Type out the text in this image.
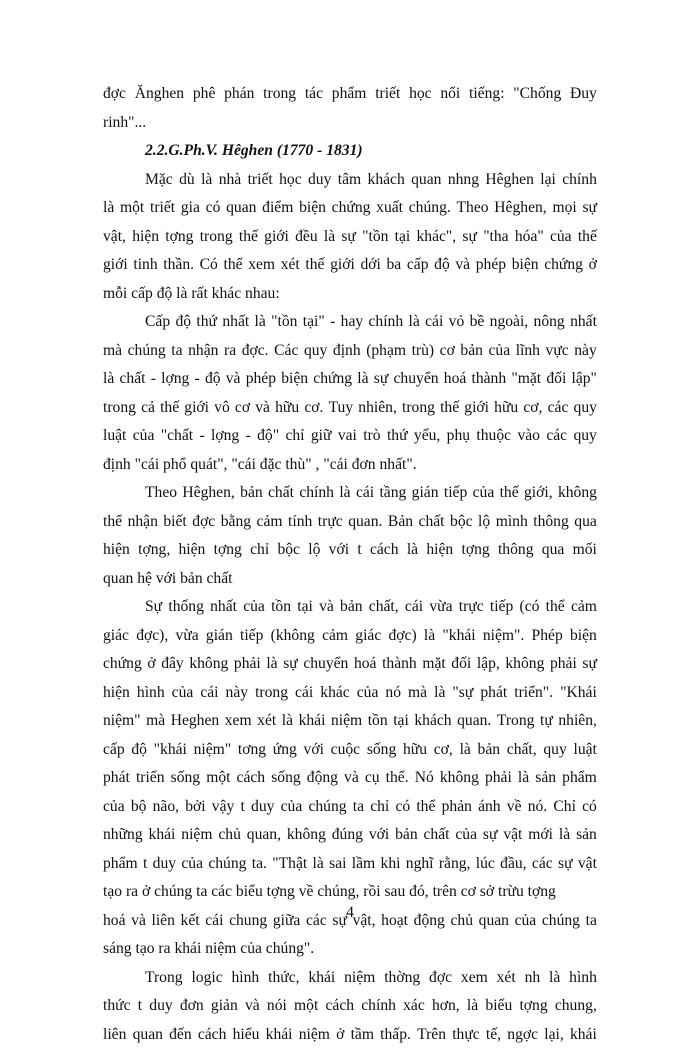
đợc Ănghen phê phán trong tác phẩm triết học nổi tiếng: "Chống Đuy
rinh"...
2.2.G.Ph.V. Hêghen (1770 - 1831)
Mặc dù là nhà triết học duy tâm khách quan nhng Hêghen lại chính
là một triết gia có quan điểm biện chứng xuất chúng. Theo Hêghen, mọi sự
vật, hiện tợng trong thế giới đều là sự "tồn tại khác", sự "tha hóa" của thế
giới tinh thần. Có thể xem xét thế giới dới ba cấp độ và phép biện chứng ở
mỗi cấp độ là rất khác nhau:
Cấp độ thứ nhất là "tồn tại" - hay chính là cái vỏ bề ngoài, nông nhất
mà chúng ta nhận ra đợc. Các quy định (phạm trù) cơ bản của lĩnh vực này
là chất - lợng - độ và phép biện chứng là sự chuyển hoá thành "mặt đối lập"
trong cả thế giới vô cơ và hữu cơ. Tuy nhiên, trong thế giới hữu cơ, các quy
luật của "chất - lợng - độ" chỉ giữ vai trò thứ yếu, phụ thuộc vào các quy
định "cái phổ quát", "cái đặc thù" , "cái đơn nhất".
Theo Hêghen, bản chất chính là cái tầng gián tiếp của thế giới, không
thể nhận biết đợc bằng cảm tính trực quan. Bản chất bộc lộ mình thông qua
hiện tợng, hiện tợng chỉ bộc lộ với t cách là hiện tợng thông qua mối
quan hệ với bản chất
Sự thống nhất của tồn tại và bản chất, cái vừa trực tiếp (có thể cảm
giác đợc), vừa gián tiếp (không cảm giác đợc) là "khái niệm". Phép biện
chứng ở đây không phải là sự chuyển hoá thành mặt đối lập, không phải sự
hiện hình của cái này trong cái khác của nó mà là "sự phát triển". "Khái
niệm" mà Heghen xem xét là khái niệm tồn tại khách quan. Trong tự nhiên,
cấp độ "khái niệm" tơng ứng với cuộc sống hữu cơ, là bản chất, quy luật
phát triển sống một cách sống động và cụ thể. Nó không phải là sản phẩm
của bộ não, bởi vậy t duy của chúng ta chỉ có thể phản ánh về nó. Chỉ có
những khái niệm chủ quan, không đúng với bản chất của sự vật mới là sản
phẩm t duy của chúng ta. "Thật là sai lầm khi nghĩ rằng, lúc đầu, các sự vật
tạo ra ở chúng ta các biểu tợng về chúng, rồi sau đó, trên cơ sở trừu tợng
hoá và liên kết cái chung giữa các sự vật, hoạt động chủ quan của chúng ta
sáng tạo ra khái niệm của chúng".
Trong logic hình thức, khái niệm thờng đợc xem xét nh là hình
thức t duy đơn giản và nói một cách chính xác hơn, là biểu tợng chung,
liên quan đến cách hiểu khái niệm ở tầm thấp. Trên thực tế, ngợc lại, khái
4
